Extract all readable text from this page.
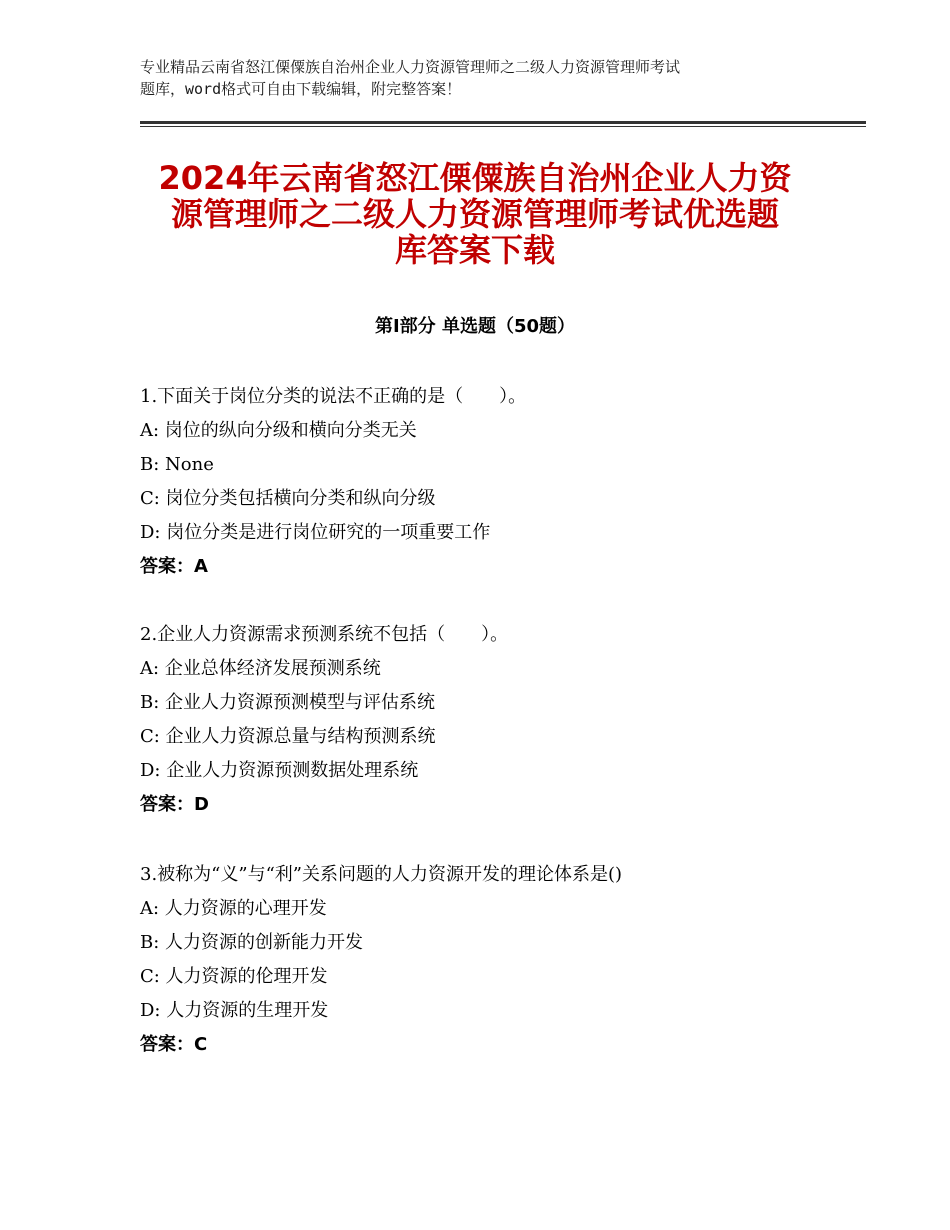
专业精品云南省怒江傈僳族自治州企业人力资源管理师之二级人力资源管理师考试
题库，word格式可自由下载编辑，附完整答案！
2024年云南省怒江傈僳族自治州企业人力资
源管理师之二级人力资源管理师考试优选题
库答案下载
第Ⅰ部分 单选题（50题）
1.下面关于岗位分类的说法不正确的是（　　）。
A: 岗位的纵向分级和横向分类无关
B: None
C: 岗位分类包括横向分类和纵向分级
D: 岗位分类是进行岗位研究的一项重要工作
答案：A
2.企业人力资源需求预测系统不包括（　　）。
A: 企业总体经济发展预测系统
B: 企业人力资源预测模型与评估系统
C: 企业人力资源总量与结构预测系统
D: 企业人力资源预测数据处理系统
答案：D
3.被称为“义”与“利”关系问题的人力资源开发的理论体系是()
A: 人力资源的心理开发
B: 人力资源的创新能力开发
C: 人力资源的伦理开发
D: 人力资源的生理开发
答案：C
